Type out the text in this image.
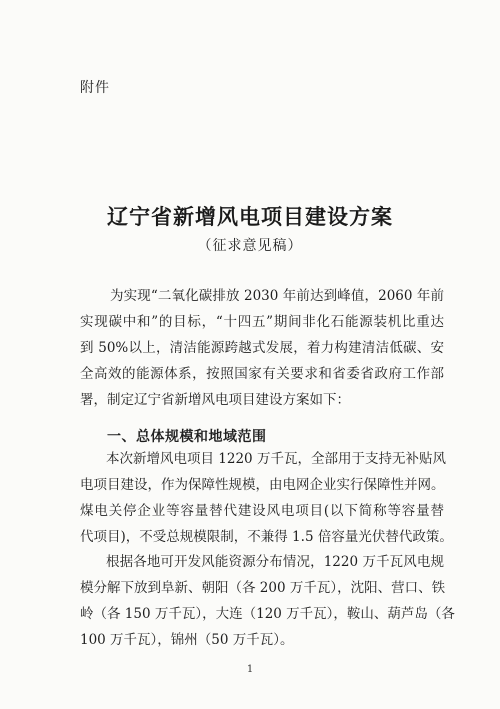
附件
辽宁省新增风电项目建设方案
（征求意见稿）
为实现“二氧化碳排放 2030 年前达到峰值，2060 年前
实现碳中和”的目标，“十四五”期间非化石能源装机比重达
到 50%以上，清洁能源跨越式发展，着力构建清洁低碳、安
全高效的能源体系，按照国家有关要求和省委省政府工作部
署，制定辽宁省新增风电项目建设方案如下：
一、总体规模和地域范围
本次新增风电项目 1220 万千瓦，全部用于支持无补贴风
电项目建设，作为保障性规模，由电网企业实行保障性并网。
煤电关停企业等容量替代建设风电项目(以下简称等容量替
代项目)，不受总规模限制，不兼得 1.5 倍容量光伏替代政策。
根据各地可开发风能资源分布情况，1220 万千瓦风电规
模分解下放到阜新、朝阳（各 200 万千瓦），沈阳、营口、铁
岭（各 150 万千瓦），大连（120 万千瓦），鞍山、葫芦岛（各
100 万千瓦），锦州（50 万千瓦）。
1
